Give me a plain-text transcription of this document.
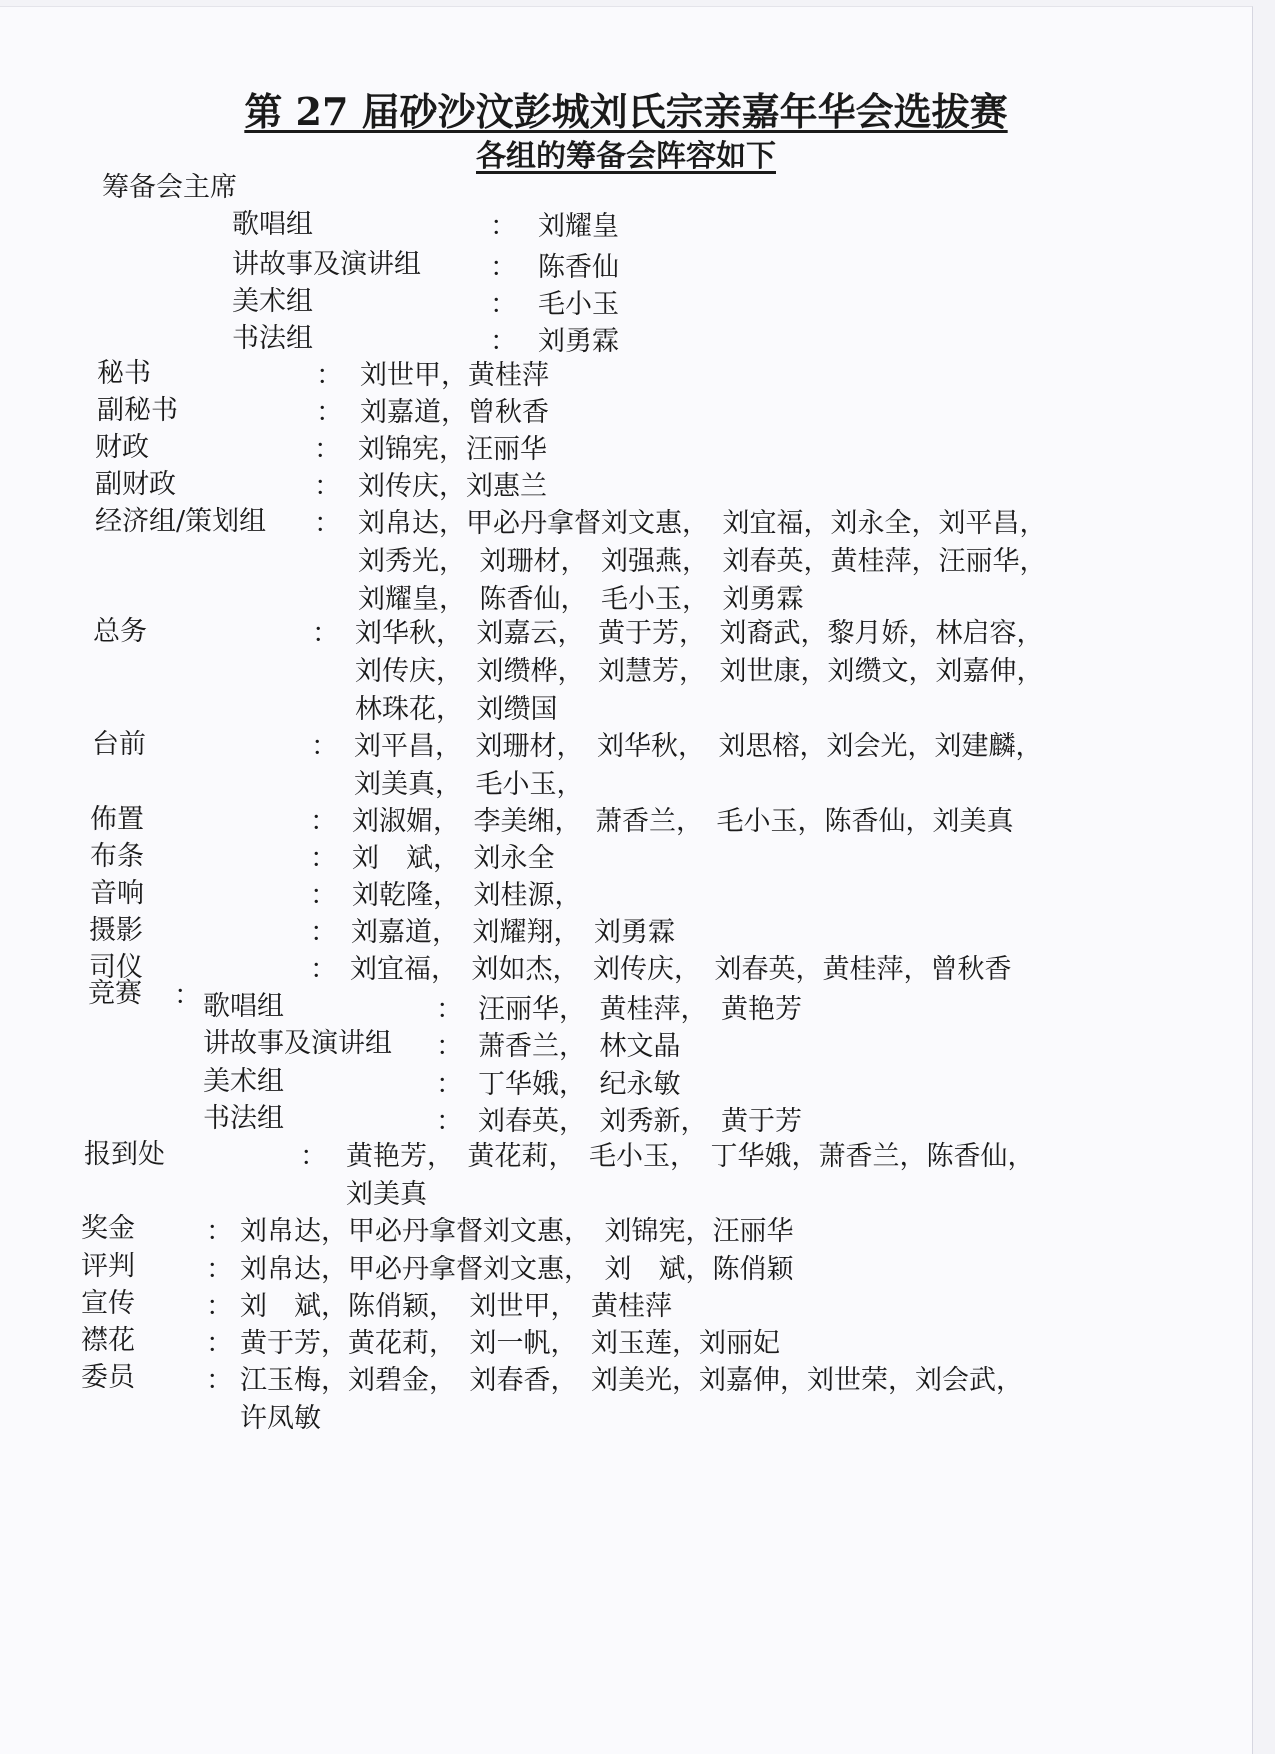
第 27 届砂沙汶彭城刘氏宗亲嘉年华会选拔赛
各组的筹备会阵容如下
筹备会主席
歌唱组	： 刘耀皇
讲故事及演讲组	： 陈香仙
美术组	： 毛小玉
书法组	： 刘勇霖
秘书	： 刘世甲，黄桂萍
副秘书	： 刘嘉道，曾秋香
财政	： 刘锦宪，汪丽华
副财政	： 刘传庆，刘惠兰
经济组/策划组 ： 刘帛达，甲必丹拿督刘文惠，　刘宜福，刘永全，刘平昌，
刘秀光，　刘珊材，　刘强燕，　刘春英，黄桂萍，汪丽华，
刘耀皇，　陈香仙，　毛小玉，　刘勇霖
总务	： 刘华秋，　刘嘉云，　黄于芳，　刘裔武，黎月娇，林启容，
刘传庆，　刘缵桦，　刘慧芳，　刘世康，刘缵文，刘嘉伸，
林珠花，　刘缵国
台前	： 刘平昌，　刘珊材，　刘华秋，　刘思榕，刘会光，刘建麟，
刘美真，　毛小玉，
佈置	： 刘淑媚，　李美缃，　萧香兰，　毛小玉，陈香仙，刘美真
布条	： 刘　斌，　刘永全
音响	： 刘乾隆，　刘桂源，
摄影	： 刘嘉道，　刘耀翔，　刘勇霖
司仪	： 刘宜福，　刘如杰，　刘传庆，　刘春英，黄桂萍，曾秋香
竞赛 ： 歌唱组	： 汪丽华，　黄桂萍，　黄艳芳
讲故事及演讲组 ： 萧香兰，　林文晶
美术组	： 丁华娥，　纪永敏
书法组	： 刘春英，　刘秀新，　黄于芳
报到处	： 黄艳芳，　黄花莉，　毛小玉，　丁华娥，萧香兰，陈香仙，
刘美真
奖金	： 刘帛达，甲必丹拿督刘文惠，　刘锦宪，汪丽华
评判	： 刘帛达，甲必丹拿督刘文惠，　刘　斌，陈俏颖
宣传	： 刘　斌，陈俏颖，　刘世甲，　黄桂萍
襟花	： 黄于芳，黄花莉，　刘一帆，　刘玉莲，刘丽妃
委员	： 江玉梅，刘碧金，　刘春香，　刘美光，刘嘉伸，刘世荣，刘会武，
许凤敏
